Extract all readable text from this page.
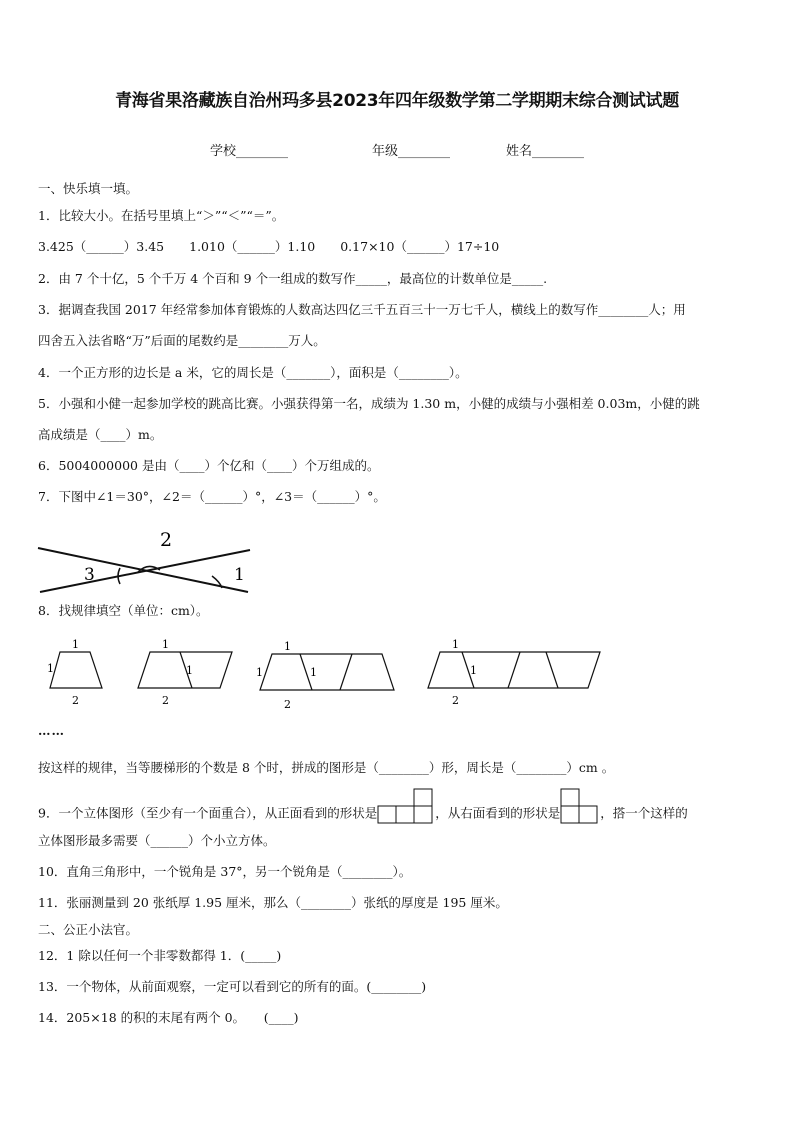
青海省果洛藏族自治州玛多县2023年四年级数学第二学期期末综合测试试题
学校________	年级________	姓名________
一、快乐填一填。
1．比较大小。在括号里填上“＞”“＜”“＝”。
3.425（______）3.45　　1.010（______）1.10　　0.17×10（______）17÷10
2．由 7 个十亿，5 个千万 4 个百和 9 个一组成的数写作_____，最高位的计数单位是_____.
3．据调查我国 2017 年经常参加体育锻炼的人数高达四亿三千五百三十一万七千人，横线上的数写作________人；用
四舍五入法省略“万”后面的尾数约是________万人。
4．一个正方形的边长是 a 米，它的周长是（_______），面积是（________）。
5．小强和小健一起参加学校的跳高比赛。小强获得第一名，成绩为 1.30 m，小健的成绩与小强相差 0.03m，小健的跳
高成绩是（____）m。
6．5004000000 是由（____）个亿和（____）个万组成的。
7．下图中∠1＝30°，∠2＝（______）°，∠3＝（______）°。
2
3	1
8．找规律填空（单位：cm）。
1
1
2
1
1
2
1
1	1
2
1
1
2
……
按这样的规律，当等腰梯形的个数是 8 个时，拼成的图形是（________）形，周长是（________）cm 。
9．一个立体图形（至少有一个面重合），从正面看到的形状是	，从右面看到的形状是	，搭一个这样的
立体图形最多需要（______）个小立方体。
10．直角三角形中，一个锐角是 37°，另一个锐角是（________）。
11．张丽测量到 20 张纸厚 1.95 厘米，那么（________）张纸的厚度是 195 厘米。
二、公正小法官。
12．1 除以任何一个非零数都得 1．(_____)
13．一个物体，从前面观察，一定可以看到它的所有的面。(________)
14．205×18 的积的末尾有两个 0。　　(____)
